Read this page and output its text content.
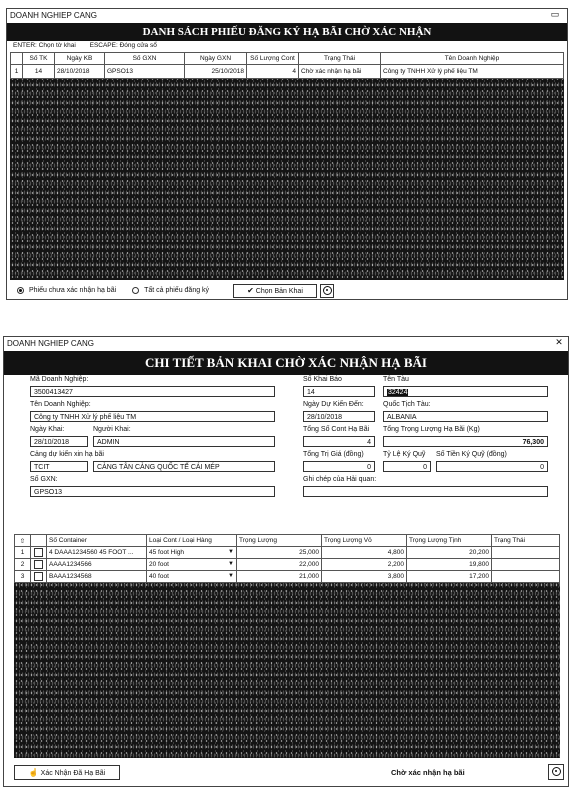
DOANH NGHIEP CANG	▭
DANH SÁCH PHIẾU ĐĂNG KÝ HẠ BÃI CHỜ XÁC NHẬN
ENTER: Chọn tờ khai ESCAPE: Đóng cửa sổ
	Số TK	Ngày KB	Số GXN	Ngày GXN	Số Lượng Cont	Trạng Thái	Tên Doanh Nghiệp
1	14	28/10/2018	GPSO13	25/10/2018	4	Chờ xác nhận hạ bãi	Công ty TNHH Xử lý phế liệu TM
Phiếu chưa xác nhận hạ bãi	Tất cả phiếu đăng ký	✔ Chọn Bản Khai
DOANH NGHIEP CANG	✕
CHI TIẾT BẢN KHAI CHỜ XÁC NHẬN HẠ BÃI
Mã Doanh Nghiệp:
3500413427
Số Khai Báo
14
Tên Tàu
32424
Tên Doanh Nghiệp:
Công ty TNHH Xử lý phế liệu TM
Ngày Dự Kiến Đến:
28/10/2018
Quốc Tịch Tàu:
ALBANIA
Ngày Khai:
28/10/2018
Người Khai:
ADMIN
Tổng Số Cont Hạ Bãi
4
Tổng Trọng Lượng Hạ Bãi (Kg)
76,300
Cảng dự kiến xin hạ bãi
TCIT	CẢNG TÂN CẢNG QUỐC TẾ CÁI MÉP
Tổng Trị Giá (đồng)
0
Tỷ Lệ Ký Quỹ
0
Số Tiền Ký Quỹ (đồng)
0
Số GXN:
GPSO13
Ghi chép của Hải quan:
⇧		Số Container	Loại Cont / Loại Hàng	Trọng Lượng	Trọng Lượng Vỏ	Trọng Lượng Tịnh	Trạng Thái
1		4 DAAA1234560 45 FOOT ...	45 foot High ▼	25,000	4,800	20,200	
2		AAAA1234566	20 foot ▼	22,000	2,200	19,800	
3		BAAA1234568	40 foot ▼	21,000	3,800	17,200	
☝ Xác Nhận Đã Hạ Bãi	Chờ xác nhận hạ bãi
